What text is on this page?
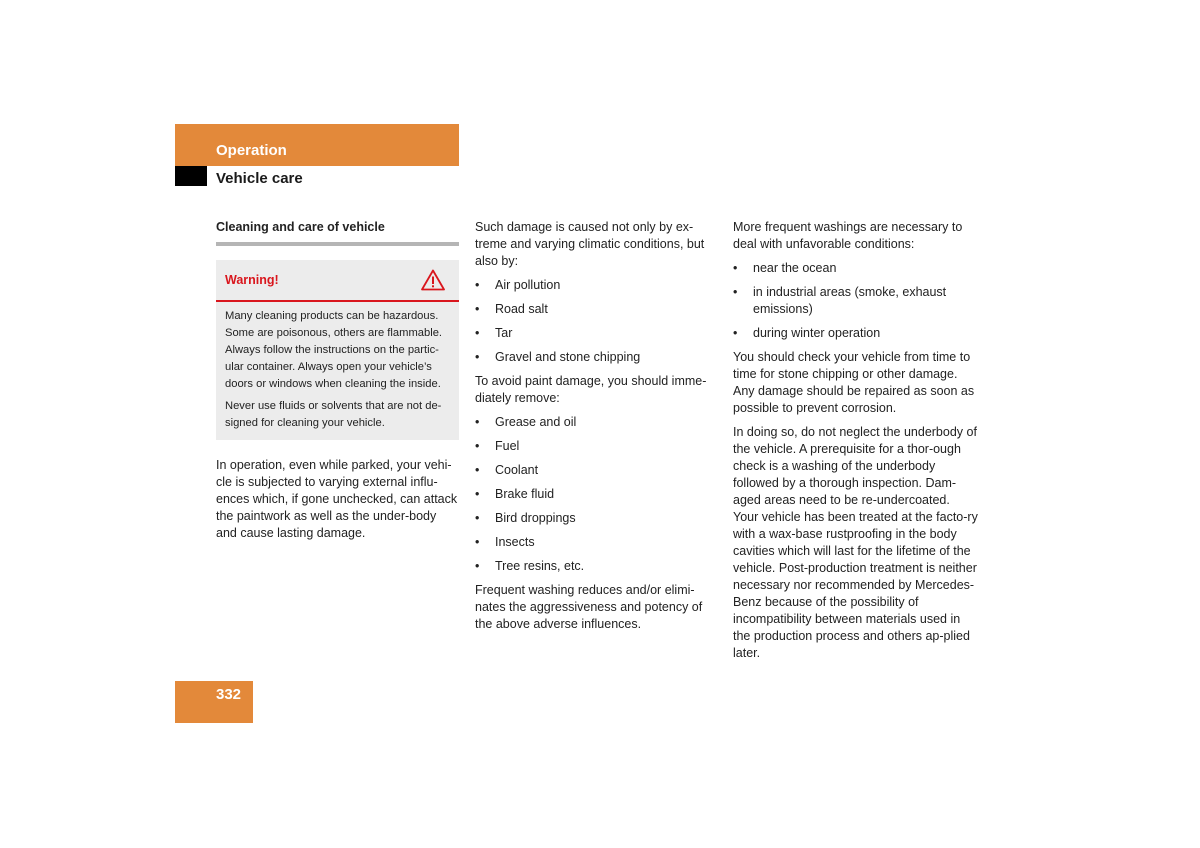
Operation
Vehicle care
Cleaning and care of vehicle
Warning!

Many cleaning products can be hazardous. Some are poisonous, others are flammable. Always follow the instructions on the partic-ular container. Always open your vehicle’s doors or windows when cleaning the inside.

Never use fluids or solvents that are not de-signed for cleaning your vehicle.

In operation, even while parked, your vehi-cle is subjected to varying external influ-ences which, if gone unchecked, can attack the paintwork as well as the under-body and cause lasting damage.

Such damage is caused not only by ex-treme and varying climatic conditions, but also by:

• Air pollution
• Road salt
• Tar
• Gravel and stone chipping

To avoid paint damage, you should imme-diately remove:

• Grease and oil
• Fuel
• Coolant
• Brake fluid
• Bird droppings
• Insects
• Tree resins, etc.

Frequent washing reduces and/or elimi-nates the aggressiveness and potency of the above adverse influences.

More frequent washings are necessary to deal with unfavorable conditions:

• near the ocean
• in industrial areas (smoke, exhaust emissions)
• during winter operation

You should check your vehicle from time to time for stone chipping or other damage. Any damage should be repaired as soon as possible to prevent corrosion.

In doing so, do not neglect the underbody of the vehicle. A prerequisite for a thor-ough check is a washing of the underbody followed by a thorough inspection. Dam-aged areas need to be re-undercoated. Your vehicle has been treated at the facto-ry with a wax-base rustproofing in the body cavities which will last for the lifetime of the vehicle. Post-production treatment is neither necessary nor recommended by Mercedes-Benz because of the possibility of incompatibility between materials used in the production process and others ap-plied later.

332
